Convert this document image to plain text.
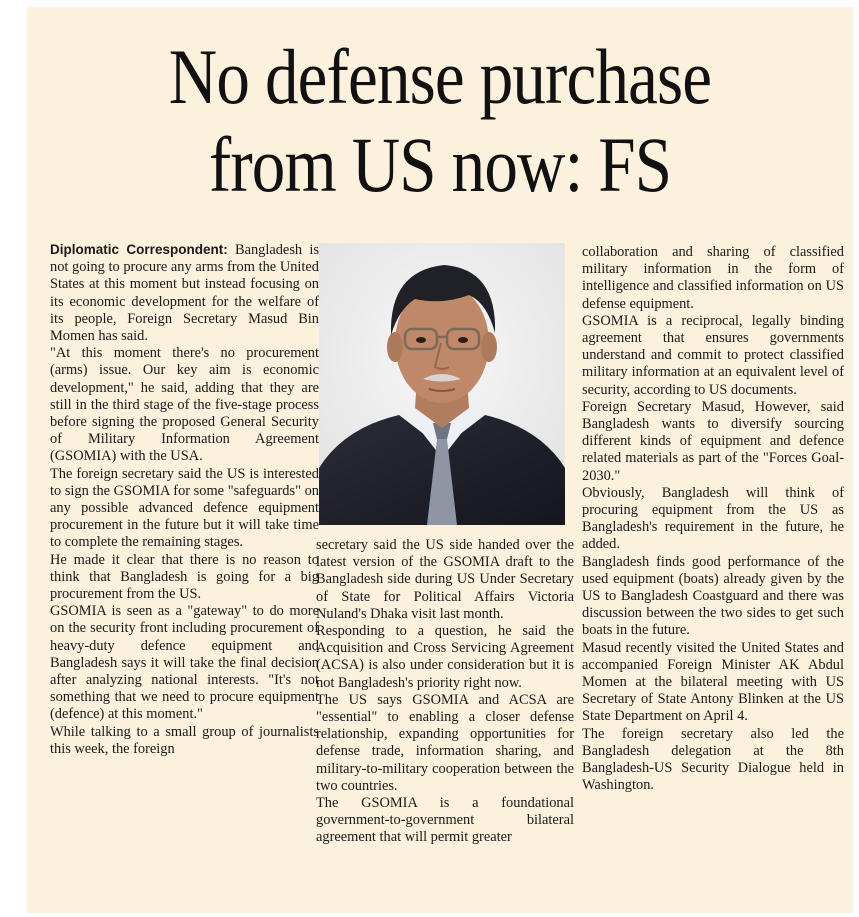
No defense purchase
from US now: FS

Diplomatic Correspondent: Bangladesh is not going to procure any arms from the United States at this moment but instead focusing on its economic development for the welfare of its people, Foreign Secretary Masud Bin Momen has said.

"At this moment there's no procurement (arms) issue. Our key aim is economic development," he said, adding that they are still in the third stage of the five-stage process before signing the proposed General Security of Military Information Agreement (GSOMIA) with the USA.

The foreign secretary said the US is interested to sign the GSOMIA for some "safeguards" on any possible advanced defence equipment procurement in the future but it will take time to complete the remaining stages.

He made it clear that there is no reason to think that Bangladesh is going for a big procurement from the US.

GSOMIA is seen as a "gateway" to do more on the security front including procurement of heavy-duty defence equipment and Bangladesh says it will take the final decision after analyzing national interests. "It's not something that we need to procure equipment (defence) at this moment."

While talking to a small group of journalists this week, the foreign

secretary said the US side handed over the latest version of the GSOMIA draft to the Bangladesh side during US Under Secretary of State for Political Affairs Victoria Nuland's Dhaka visit last month.

Responding to a question, he said the Acquisition and Cross Servicing Agreement (ACSA) is also under consideration but it is not Bangladesh's priority right now.

The US says GSOMIA and ACSA are "essential" to enabling a closer defense relationship, expanding opportunities for defense trade, information sharing, and military-to-military cooperation between the two countries.

The GSOMIA is a foundational government-to-government bilateral agreement that will permit greater

collaboration and sharing of classified military information in the form of intelligence and classified information on US defense equipment.

GSOMIA is a reciprocal, legally binding agreement that ensures governments understand and commit to protect classified military information at an equivalent level of security, according to US documents.

Foreign Secretary Masud, However, said Bangladesh wants to diversify sourcing different kinds of equipment and defence related materials as part of the "Forces Goal-2030."

Obviously, Bangladesh will think of procuring equipment from the US as Bangladesh's requirement in the future, he added.

Bangladesh finds good performance of the used equipment (boats) already given by the US to Bangladesh Coastguard and there was discussion between the two sides to get such boats in the future.

Masud recently visited the United States and accompanied Foreign Minister AK Abdul Momen at the bilateral meeting with US Secretary of State Antony Blinken at the US State Department on April 4.

The foreign secretary also led the Bangladesh delegation at the 8th Bangladesh-US Security Dialogue held in Washington.
